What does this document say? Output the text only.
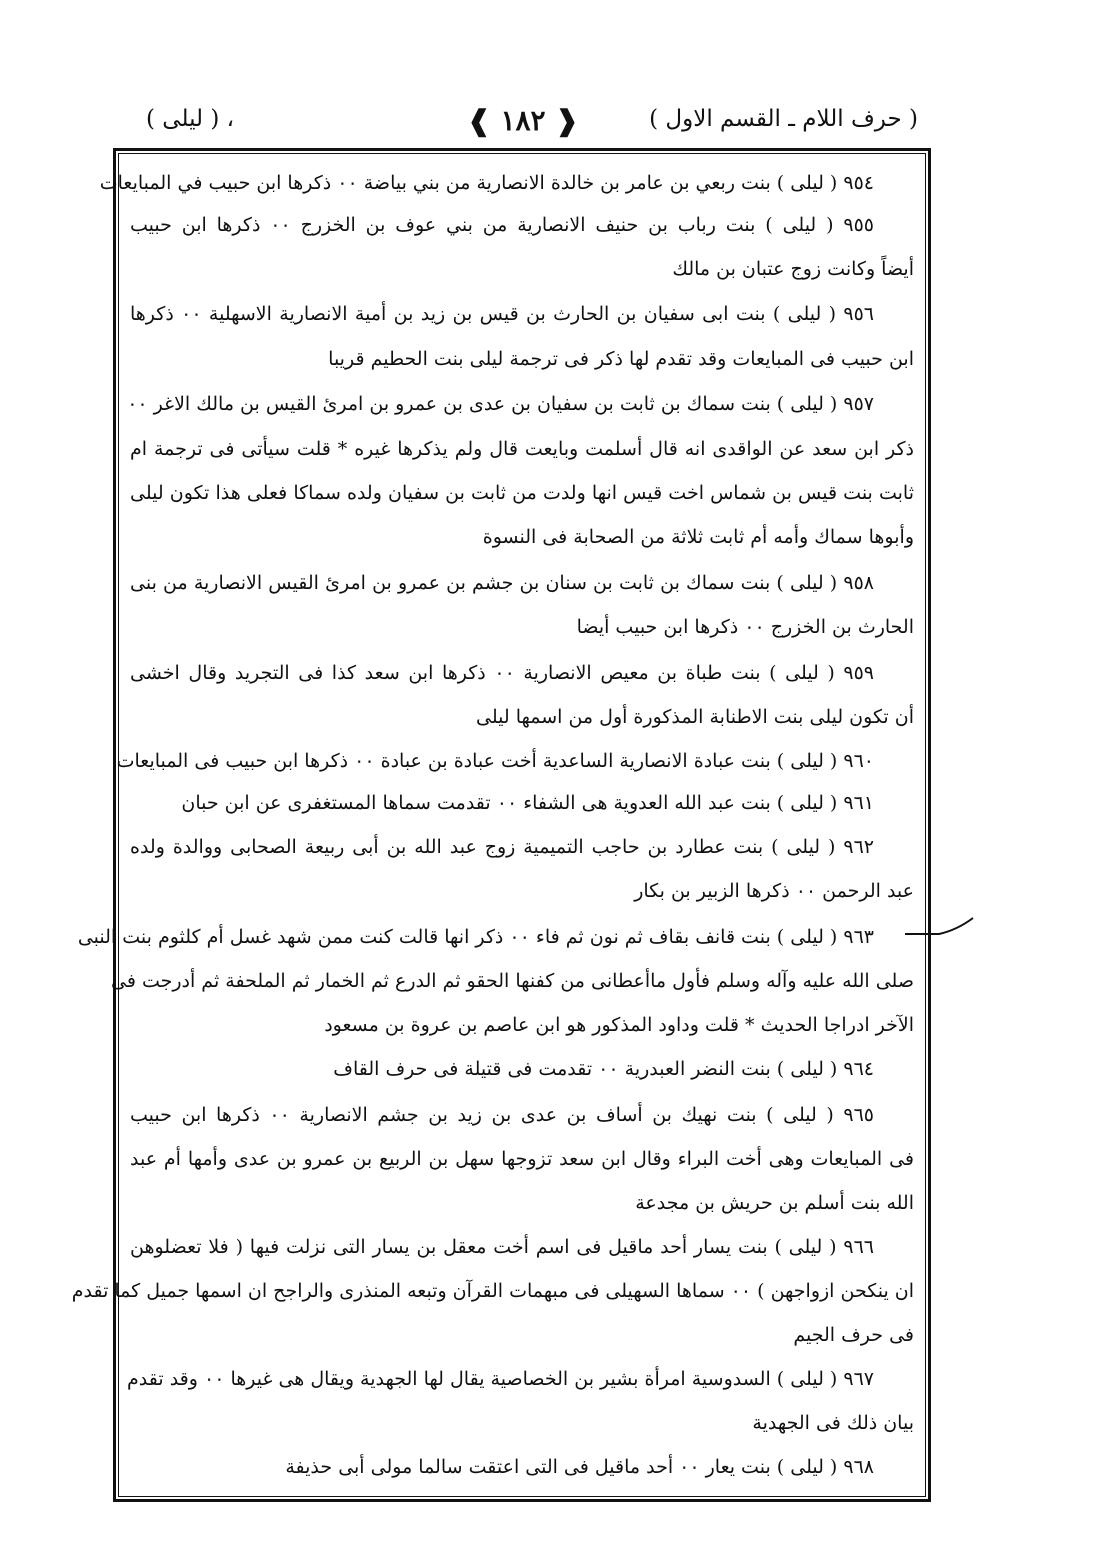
( حرف اللام ـ القسم الاول )
❰ ١٨٢ ❱
، ( ليلى )
٩٥٤ ( ليلى ) بنت ربعي بن عامر بن خالدة الانصارية من بني بياضة ٠٠ ذكرها ابن حبيب في المبايعات
٩٥٥ ( ليلى ) بنت رباب بن حنيف الانصارية من بني عوف بن الخزرج ٠٠ ذكرها ابن حبيب
أيضاً وكانت زوج عتبان بن مالك
٩٥٦ ( ليلى ) بنت ابى سفيان بن الحارث بن قيس بن زيد بن أمية الانصارية الاسهلية ٠٠ ذكرها
ابن حبيب فى المبايعات وقد تقدم لها ذكر فى ترجمة ليلى بنت الحطيم قريبا
٩٥٧ ( ليلى ) بنت سماك بن ثابت بن سفيان بن عدى بن عمرو بن امرئ القيس بن مالك الاغر ٠٠
ذكر ابن سعد عن الواقدى انه قال أسلمت وبايعت قال ولم يذكرها غيره * قلت سيأتى فى ترجمة ام
ثابت بنت قيس بن شماس اخت قيس انها ولدت من ثابت بن سفيان ولده سماكا فعلى هذا تكون ليلى
وأبوها سماك وأمه أم ثابت ثلاثة من الصحابة فى النسوة
٩٥٨ ( ليلى ) بنت سماك بن ثابت بن سنان بن جشم بن عمرو بن امرئ القيس الانصارية من بنى
الحارث بن الخزرج ٠٠ ذكرها ابن حبيب أيضا
٩٥٩ ( ليلى ) بنت طباة بن معيص الانصارية ٠٠ ذكرها ابن سعد كذا فى التجريد وقال اخشى
أن تكون ليلى بنت الاطنابة المذكورة أول من اسمها ليلى
٩٦٠ ( ليلى ) بنت عبادة الانصارية الساعدية أخت عبادة بن عبادة ٠٠ ذكرها ابن حبيب فى المبايعات
٩٦١ ( ليلى ) بنت عبد الله العدوية هى الشفاء ٠٠ تقدمت سماها المستغفرى عن ابن حبان
٩٦٢ ( ليلى ) بنت عطارد بن حاجب التميمية زوج عبد الله بن أبى ربيعة الصحابى ووالدة ولده
عبد الرحمن ٠٠ ذكرها الزبير بن بكار
٩٦٣ ( ليلى ) بنت قانف بقاف ثم نون ثم فاء ٠٠ ذكر انها قالت كنت ممن شهد غسل أم كلثوم بنت النبى
صلى الله عليه وآله وسلم فأول ماأعطانى من كفنها الحقو ثم الدرع ثم الخمار ثم الملحفة ثم أدرجت فى
الآخر ادراجا الحديث * قلت وداود المذكور هو ابن عاصم بن عروة بن مسعود
٩٦٤ ( ليلى ) بنت النضر العبدرية ٠٠ تقدمت فى قتيلة فى حرف القاف
٩٦٥ ( ليلى ) بنت نهيك بن أساف بن عدى بن زيد بن جشم الانصارية ٠٠ ذكرها ابن حبيب
فى المبايعات وهى أخت البراء وقال ابن سعد تزوجها سهل بن الربيع بن عمرو بن عدى وأمها أم عبد
الله بنت أسلم بن حريش بن مجدعة
٩٦٦ ( ليلى ) بنت يسار أحد ماقيل فى اسم أخت معقل بن يسار التى نزلت فيها ( فلا تعضلوهن
ان ينكحن ازواجهن ) ٠٠ سماها السهيلى فى مبهمات القرآن وتبعه المنذرى والراجح ان اسمها جميل كما تقدم
فى حرف الجيم
٩٦٧ ( ليلى ) السدوسية امرأة بشير بن الخصاصية يقال لها الجهدية ويقال هى غيرها ٠٠ وقد تقدم
بيان ذلك فى الجهدية
٩٦٨ ( ليلى ) بنت يعار ٠٠ أحد ماقيل فى التى اعتقت سالما مولى أبى حذيفة
